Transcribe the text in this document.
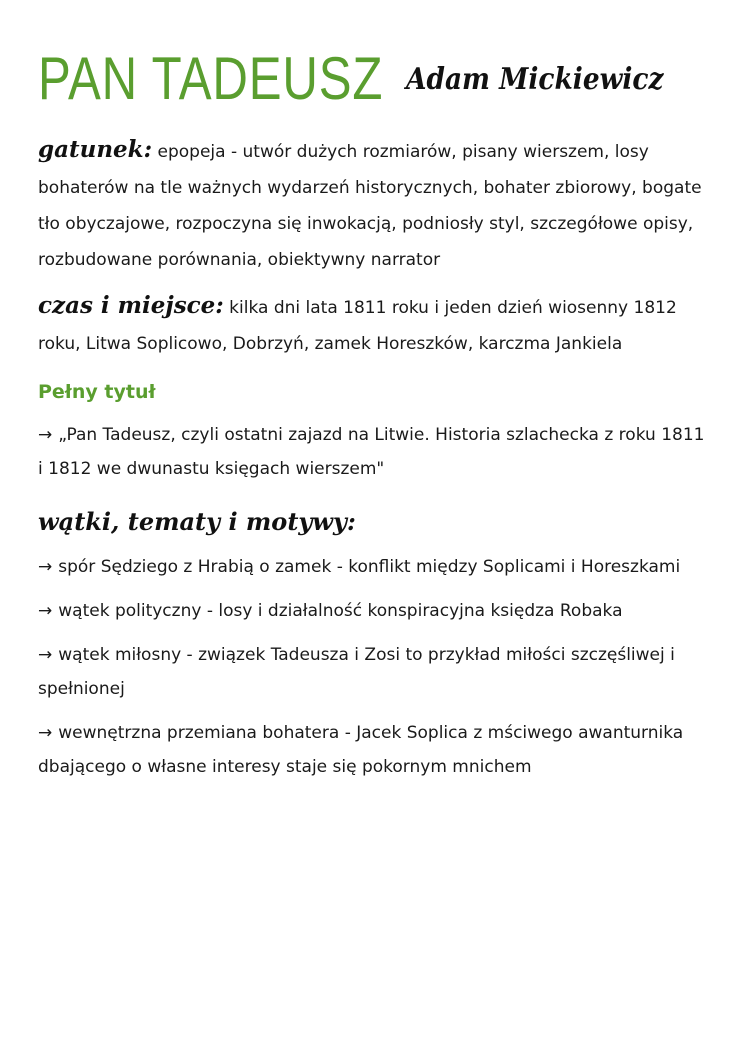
PAN TADEUSZ Adam Mickiewicz

gatunek: epopeja - utwór dużych rozmiarów, pisany wierszem, losy bohaterów na tle ważnych wydarzeń historycznych, bohater zbiorowy, bogate tło obyczajowe, rozpoczyna się inwokacją, podniosły styl, szczegółowe opisy, rozbudowane porównania, obiektywny narrator

czas i miejsce: kilka dni lata 1811 roku i jeden dzień wiosenny 1812 roku, Litwa Soplicowo, Dobrzyń, zamek Horeszków, karczma Jankiela

Pełny tytuł

→ „Pan Tadeusz, czyli ostatni zajazd na Litwie. Historia szlachecka z roku 1811 i 1812 we dwunastu księgach wierszem"

wątki, tematy i motywy:

→ spór Sędziego z Hrabią o zamek - konflikt między Soplicami i Horeszkami

→ wątek polityczny - losy i działalność konspiracyjna księdza Robaka

→ wątek miłosny - związek Tadeusza i Zosi to przykład miłości szczęśliwej i spełnionej

→ wewnętrzna przemiana bohatera - Jacek Soplica z mściwego awanturnika dbającego o własne interesy staje się pokornym mnichem
